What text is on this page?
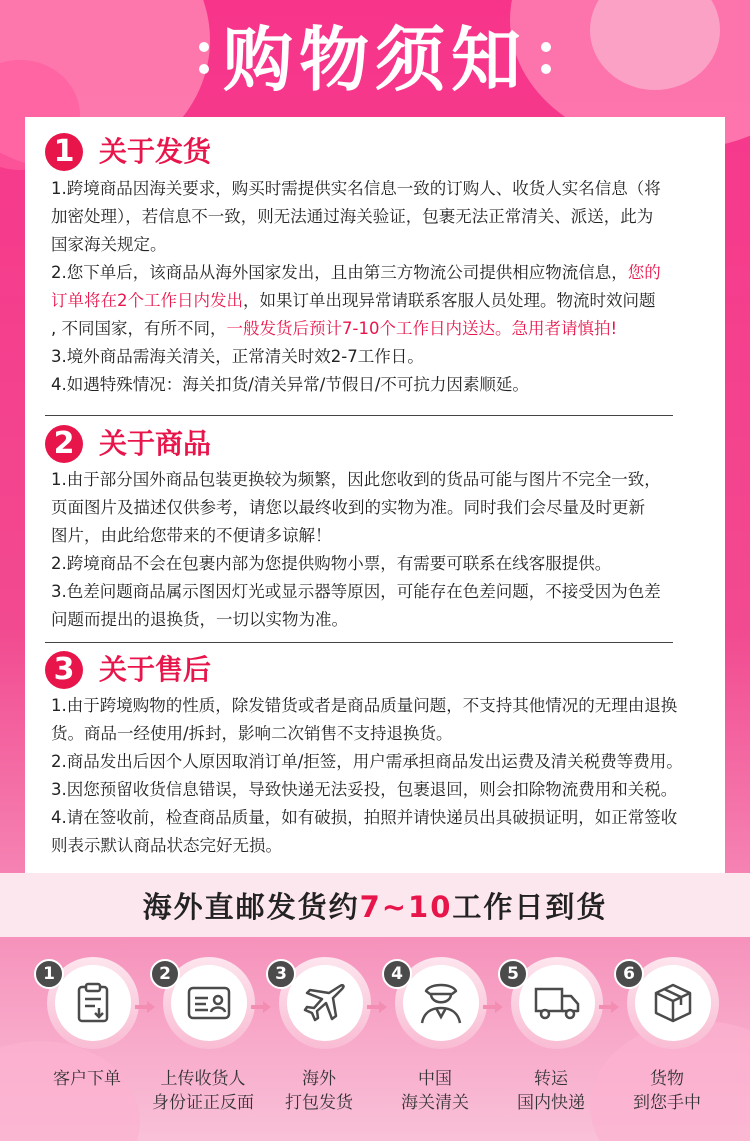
购物须知
1 关于发货
1.跨境商品因海关要求，购买时需提供实名信息一致的订购人、收货人实名信息（将
加密处理），若信息不一致，则无法通过海关验证，包裹无法正常清关、派送，此为
国家海关规定。
2.您下单后，该商品从海外国家发出，且由第三方物流公司提供相应物流信息，您的
订单将在2个工作日内发出，如果订单出现异常请联系客服人员处理。物流时效问题
, 不同国家，有所不同，一般发货后预计7-10个工作日内送达。急用者请慎拍!
3.境外商品需海关清关，正常清关时效2-7工作日。
4.如遇特殊情况：海关扣货/清关异常/节假日/不可抗力因素顺延。
2 关于商品
1.由于部分国外商品包装更换较为频繁，因此您收到的货品可能与图片不完全一致，
页面图片及描述仅供参考，请您以最终收到的实物为准。同时我们会尽量及时更新
图片，由此给您带来的不便请多谅解！
2.跨境商品不会在包裹内部为您提供购物小票，有需要可联系在线客服提供。
3.色差问题商品属示图因灯光或显示器等原因，可能存在色差问题，不接受因为色差
问题而提出的退换货，一切以实物为准。
3 关于售后
1.由于跨境购物的性质，除发错货或者是商品质量问题，不支持其他情况的无理由退换
货。商品一经使用/拆封，影响二次销售不支持退换货。
2.商品发出后因个人原因取消订单/拒签，用户需承担商品发出运费及清关税费等费用。
3.因您预留收货信息错误，导致快递无法妥投，包裹退回，则会扣除物流费用和关税。
4.请在签收前，检查商品质量，如有破损，拍照并请快递员出具破损证明，如正常签收
则表示默认商品状态完好无损。
海外直邮发货约7~10工作日到货
1
客户下单
2
上传收货人
身份证正反面
3
海外
打包发货
4
中国
海关清关
5
转运
国内快递
6
货物
到您手中
